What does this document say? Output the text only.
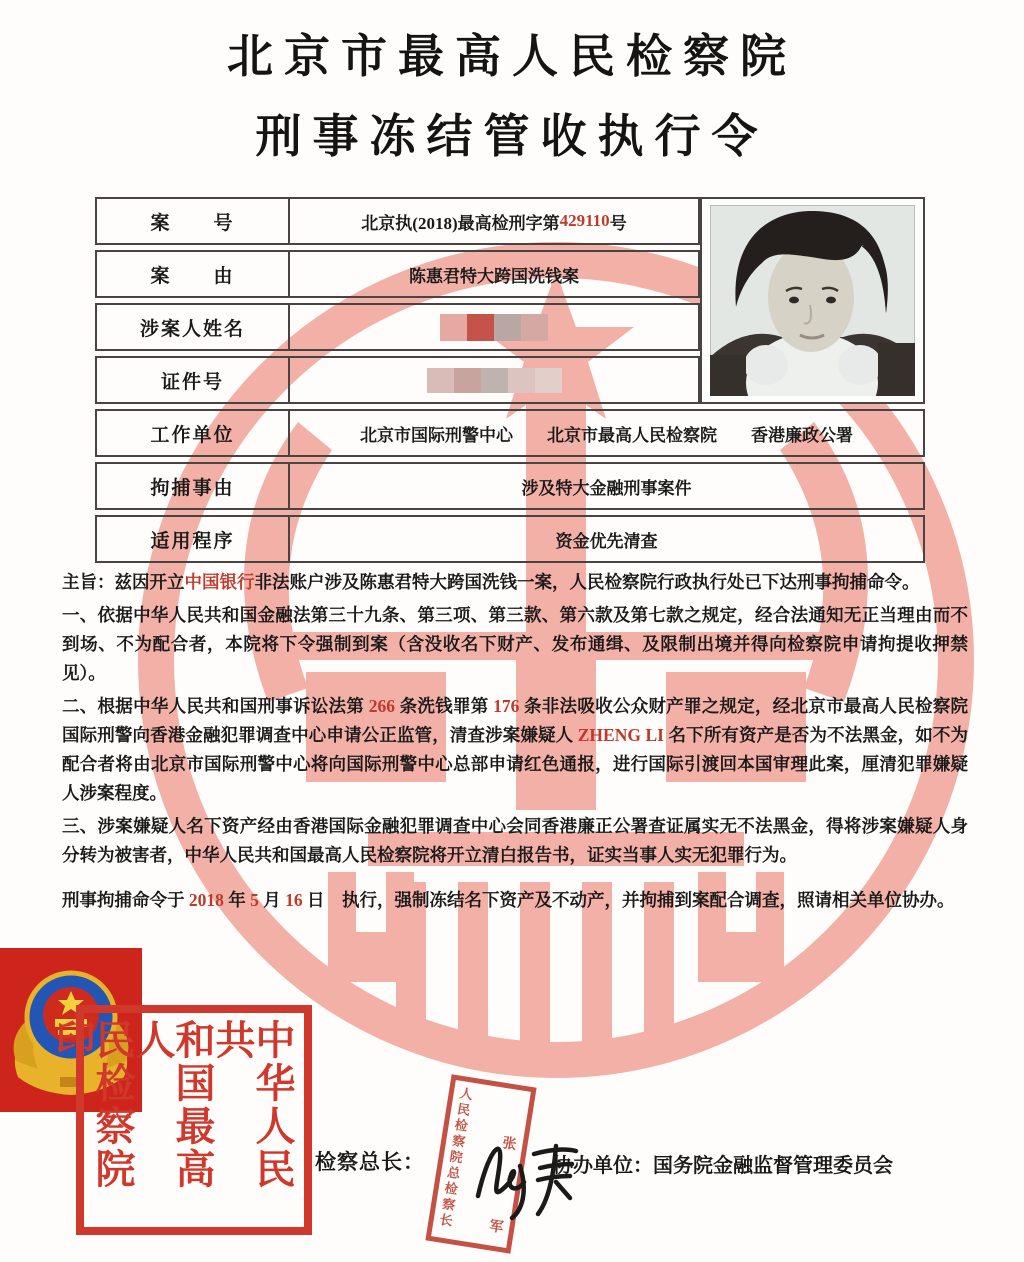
北京市最高人民检察院
刑事冻结管收执行令
案　　号	北京执(2018)最高检刑字第 429110 号
案　　由	陈惠君特大跨国洗钱案
涉案人姓名
证件号
工作单位	北京市国际刑警中心　　北京市最高人民检察院　　香港廉政公署
拘捕事由	涉及特大金融刑事案件
适用程序	资金优先清查
主旨：兹因开立中国银行非法账户涉及陈惠君特大跨国洗钱一案，人民检察院行政执行处已下达刑事拘捕命令。
一、依据中华人民共和国金融法第三十九条、第三项、第三款、第六款及第七款之规定，经合法通知无正当理由而不到场、不为配合者，本院将下令强制到案（含没收名下财产、发布通缉、及限制出境并得向检察院申请拘提收押禁见）。
二、根据中华人民共和国刑事诉讼法第 266 条洗钱罪第 176 条非法吸收公众财产罪之规定，经北京市最高人民检察院国际刑警向香港金融犯罪调查中心申请公正监管，清查涉案嫌疑人 ZHENG LI 名下所有资产是否为不法黑金，如不为配合者将由北京市国际刑警中心将向国际刑警中心总部申请红色通报，进行国际引渡回本国审理此案，厘清犯罪嫌疑人涉案程度。
三、涉案嫌疑人名下资产经由香港国际金融犯罪调查中心会同香港廉正公署查证属实无不法黑金，得将涉案嫌疑人身分转为被害者，中华人民共和国最高人民检察院将开立清白报告书，证实当事人实无犯罪行为。
刑事拘捕命令于 2018 年 5 月 16 日　执行，强制冻结名下资产及不动产，并拘捕到案配合调查，照请相关单位协办。
中华人民共
和国最高人
民检察院印
检察总长： 人民检察院总检察长 张
军
协办单位：国务院金融监督管理委员会
